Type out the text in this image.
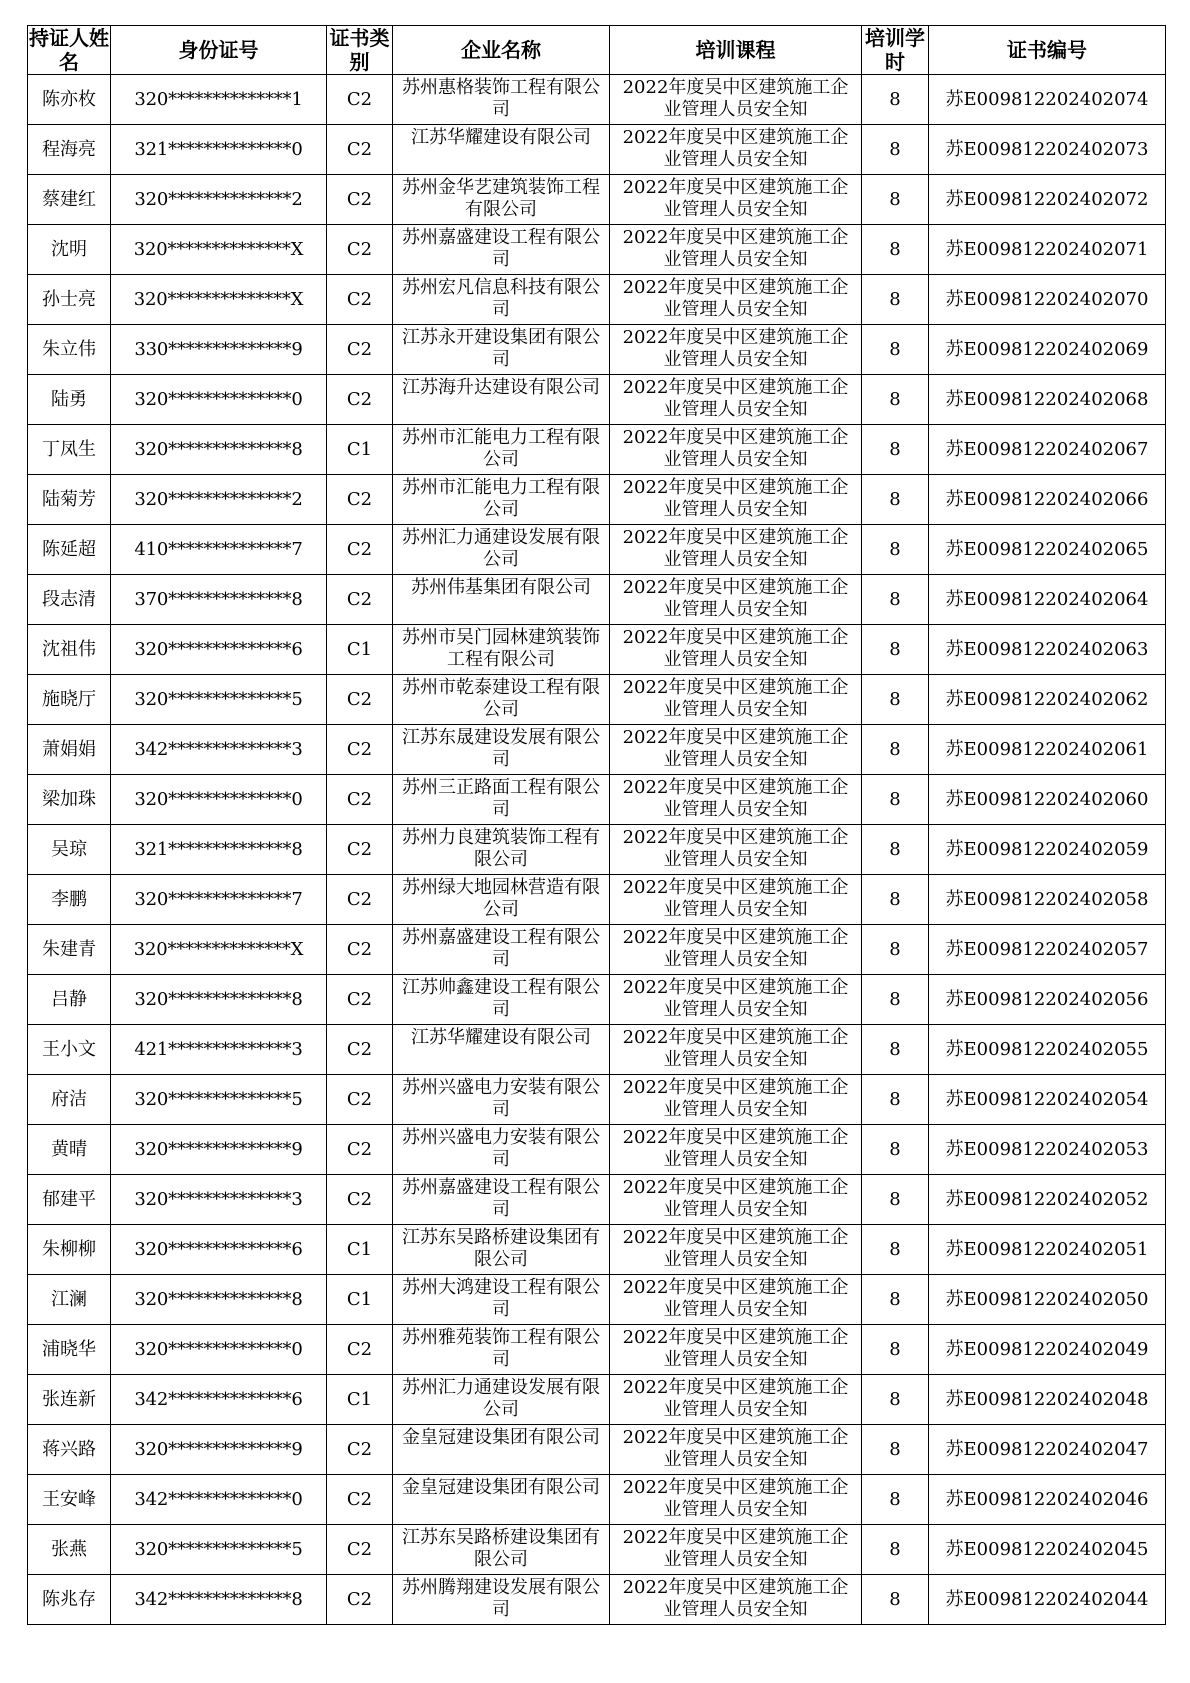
持证人姓名	身份证号	证书类别	企业名称	培训课程	培训学时	证书编号
陈亦枚	320**************1	C2	苏州惠格装饰工程有限公司	2022年度吴中区建筑施工企业管理人员安全知	8	苏E009812202402074
程海亮	321**************0	C2	江苏华耀建设有限公司	2022年度吴中区建筑施工企业管理人员安全知	8	苏E009812202402073
蔡建红	320**************2	C2	苏州金华艺建筑装饰工程有限公司	2022年度吴中区建筑施工企业管理人员安全知	8	苏E009812202402072
沈明	320**************X	C2	苏州嘉盛建设工程有限公司	2022年度吴中区建筑施工企业管理人员安全知	8	苏E009812202402071
孙士亮	320**************X	C2	苏州宏凡信息科技有限公司	2022年度吴中区建筑施工企业管理人员安全知	8	苏E009812202402070
朱立伟	330**************9	C2	江苏永开建设集团有限公司	2022年度吴中区建筑施工企业管理人员安全知	8	苏E009812202402069
陆勇	320**************0	C2	江苏海升达建设有限公司	2022年度吴中区建筑施工企业管理人员安全知	8	苏E009812202402068
丁凤生	320**************8	C1	苏州市汇能电力工程有限公司	2022年度吴中区建筑施工企业管理人员安全知	8	苏E009812202402067
陆菊芳	320**************2	C2	苏州市汇能电力工程有限公司	2022年度吴中区建筑施工企业管理人员安全知	8	苏E009812202402066
陈延超	410**************7	C2	苏州汇力通建设发展有限公司	2022年度吴中区建筑施工企业管理人员安全知	8	苏E009812202402065
段志清	370**************8	C2	苏州伟基集团有限公司	2022年度吴中区建筑施工企业管理人员安全知	8	苏E009812202402064
沈祖伟	320**************6	C1	苏州市吴门园林建筑装饰工程有限公司	2022年度吴中区建筑施工企业管理人员安全知	8	苏E009812202402063
施晓厅	320**************5	C2	苏州市乾泰建设工程有限公司	2022年度吴中区建筑施工企业管理人员安全知	8	苏E009812202402062
萧娟娟	342**************3	C2	江苏东晟建设发展有限公司	2022年度吴中区建筑施工企业管理人员安全知	8	苏E009812202402061
梁加珠	320**************0	C2	苏州三正路面工程有限公司	2022年度吴中区建筑施工企业管理人员安全知	8	苏E009812202402060
吴琼	321**************8	C2	苏州力良建筑装饰工程有限公司	2022年度吴中区建筑施工企业管理人员安全知	8	苏E009812202402059
李鹏	320**************7	C2	苏州绿大地园林营造有限公司	2022年度吴中区建筑施工企业管理人员安全知	8	苏E009812202402058
朱建青	320**************X	C2	苏州嘉盛建设工程有限公司	2022年度吴中区建筑施工企业管理人员安全知	8	苏E009812202402057
吕静	320**************8	C2	江苏帅鑫建设工程有限公司	2022年度吴中区建筑施工企业管理人员安全知	8	苏E009812202402056
王小文	421**************3	C2	江苏华耀建设有限公司	2022年度吴中区建筑施工企业管理人员安全知	8	苏E009812202402055
府洁	320**************5	C2	苏州兴盛电力安装有限公司	2022年度吴中区建筑施工企业管理人员安全知	8	苏E009812202402054
黄晴	320**************9	C2	苏州兴盛电力安装有限公司	2022年度吴中区建筑施工企业管理人员安全知	8	苏E009812202402053
郁建平	320**************3	C2	苏州嘉盛建设工程有限公司	2022年度吴中区建筑施工企业管理人员安全知	8	苏E009812202402052
朱柳柳	320**************6	C1	江苏东吴路桥建设集团有限公司	2022年度吴中区建筑施工企业管理人员安全知	8	苏E009812202402051
江澜	320**************8	C1	苏州大鸿建设工程有限公司	2022年度吴中区建筑施工企业管理人员安全知	8	苏E009812202402050
浦晓华	320**************0	C2	苏州雅苑装饰工程有限公司	2022年度吴中区建筑施工企业管理人员安全知	8	苏E009812202402049
张连新	342**************6	C1	苏州汇力通建设发展有限公司	2022年度吴中区建筑施工企业管理人员安全知	8	苏E009812202402048
蒋兴路	320**************9	C2	金皇冠建设集团有限公司	2022年度吴中区建筑施工企业管理人员安全知	8	苏E009812202402047
王安峰	342**************0	C2	金皇冠建设集团有限公司	2022年度吴中区建筑施工企业管理人员安全知	8	苏E009812202402046
张燕	320**************5	C2	江苏东吴路桥建设集团有限公司	2022年度吴中区建筑施工企业管理人员安全知	8	苏E009812202402045
陈兆存	342**************8	C2	苏州腾翔建设发展有限公司	2022年度吴中区建筑施工企业管理人员安全知	8	苏E009812202402044
